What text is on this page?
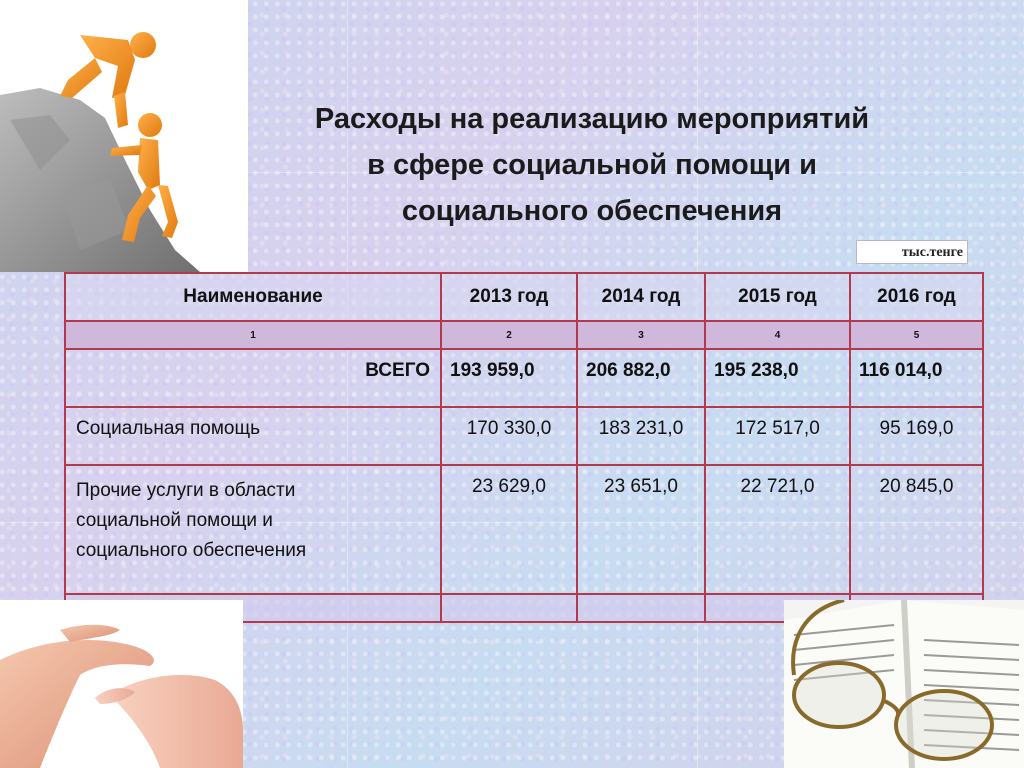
Расходы на реализацию мероприятий
в сфере социальной помощи и
социального обеспечения
тыс.тенге
Наименование	2013 год	2014 год	2015 год	2016 год
1	2	3	4	5
ВСЕГО	193 959,0	206 882,0	195 238,0	116 014,0
Социальная помощь	170 330,0	183 231,0	172 517,0	95 169,0
Прочие услуги в области
социальной помощи и
социального обеспечения	23 629,0	23 651,0	22 721,0	20 845,0
